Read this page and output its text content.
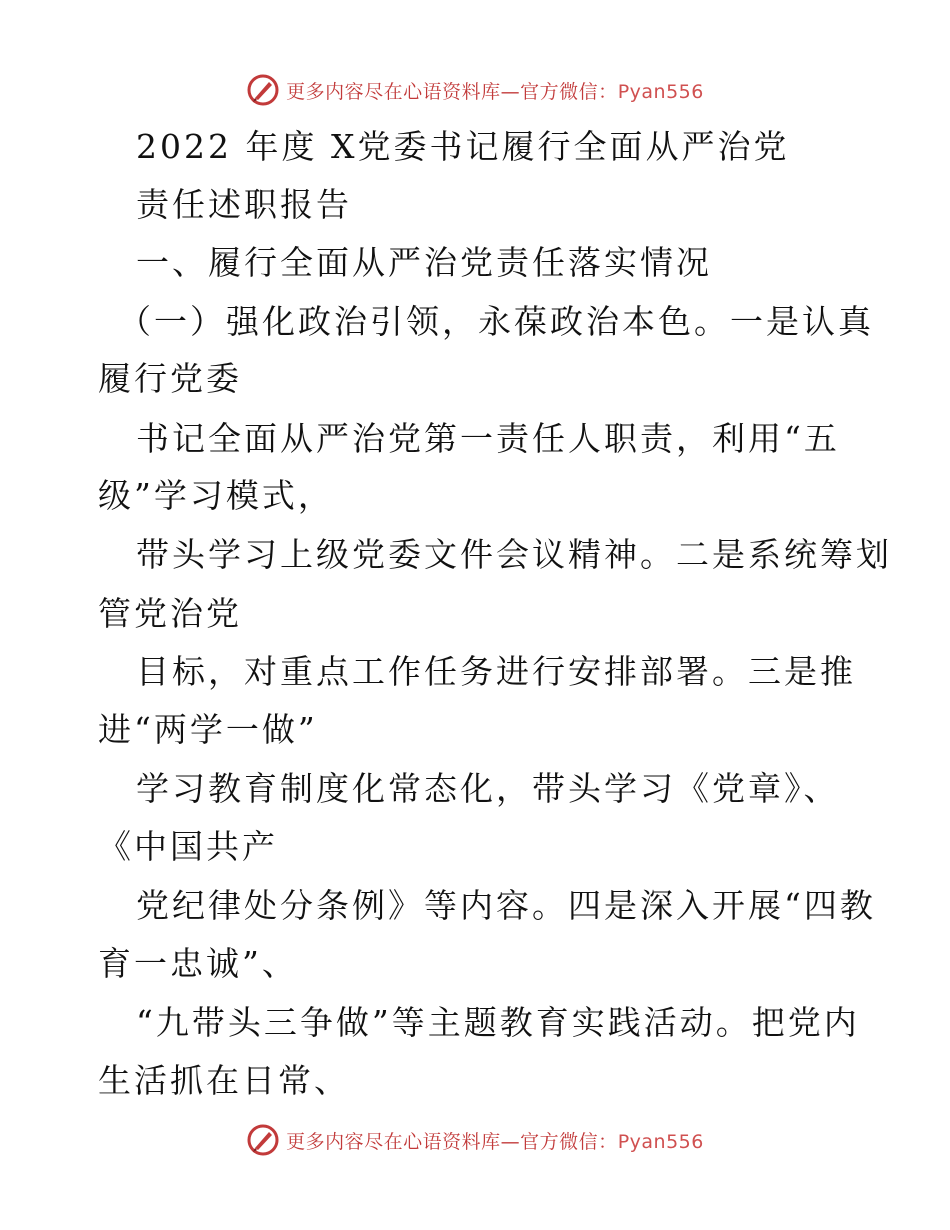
更多内容尽在心语资料库—官方微信：Pyan556
2022 年度 X党委书记履行全面从严治党
责任述职报告
一、履行全面从严治党责任落实情况
（一）强化政治引领，永葆政治本色。一是认真
履行党委
书记全面从严治党第一责任人职责，利用“五
级”学习模式，
带头学习上级党委文件会议精神。二是系统筹划
管党治党
目标，对重点工作任务进行安排部署。三是推
进“两学一做”
学习教育制度化常态化，带头学习《党章》、
《中国共产
党纪律处分条例》等内容。四是深入开展“四教
育一忠诚”、
“九带头三争做”等主题教育实践活动。把党内
生活抓在日常、
更多内容尽在心语资料库—官方微信：Pyan556
